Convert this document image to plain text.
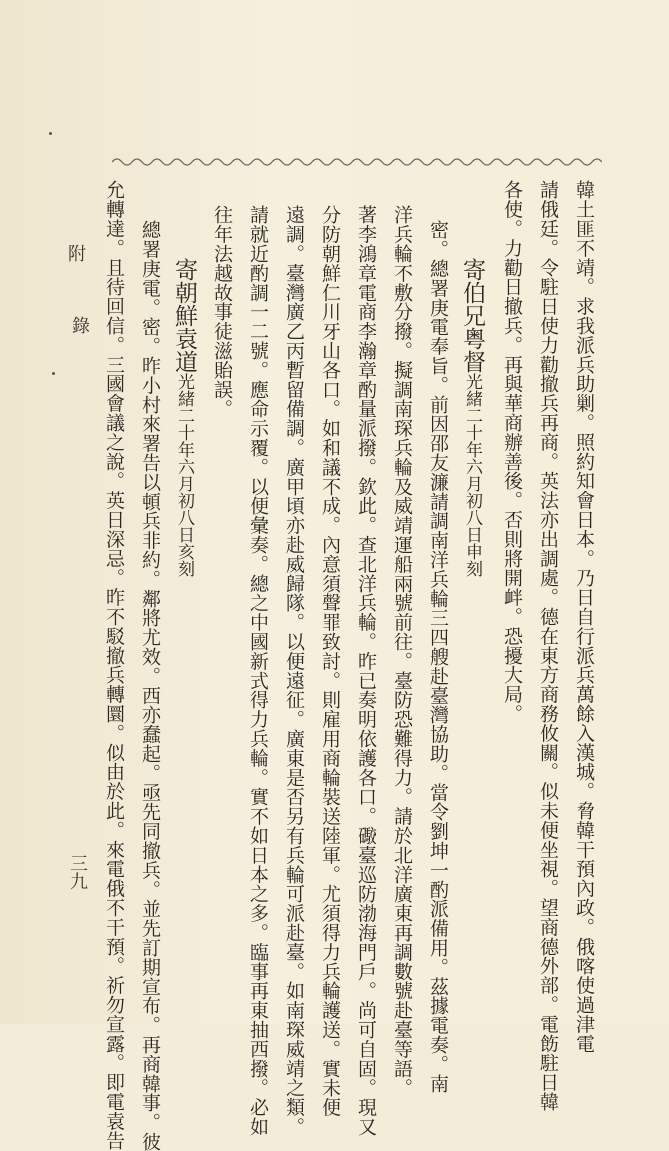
韓土匪不靖。求我派兵助剿。照約知會日本。乃日自行派兵萬餘入漢城。脅韓干預內政。俄喀使過津電
請俄廷。令駐日使力勸撤兵再商。英法亦出調處。德在東方商務攸關。似未便坐視。望商德外部。電飭駐日韓
各使。力勸日撤兵。再與華商辦善後。否則將開衅。恐擾大局。
寄伯兄粤督光緒二十年六月初八日申刻
密。總署庚電奉旨。前因邵友濂請調南洋兵輪三四艘赴臺灣協助。當令劉坤一酌派備用。茲據電奏。南
洋兵輪不敷分撥。擬調南琛兵輪及威靖運船兩號前往。臺防恐難得力。請於北洋廣東再調數號赴臺等語。
著李鴻章電商李瀚章酌量派撥。欽此。查北洋兵輪。昨已奏明依護各口。礮臺巡防渤海門戶。尚可自固。現又
分防朝鮮仁川牙山各口。如和議不成。內意須聲罪致討。則雇用商輪裝送陸軍。尤須得力兵輪護送。實未便
遠調。臺灣廣乙丙暫留備調。廣甲頃亦赴威歸隊。以便遠征。廣東是否另有兵輪可派赴臺。如南琛威靖之類。
請就近酌調一二號。應命示覆。以便彙奏。總之中國新式得力兵輪。實不如日本之多。臨事再東抽西撥。必如
往年法越故事徒滋貽誤。
寄朝鮮袁道光緒二十年六月初八日亥刻
總署庚電。密。昨小村來署告以頓兵非約。鄰將尤效。西亦蠢起。亟先同撤兵。並先訂期宣布。再商韓事。彼
允轉達。且待回信。三國會議之說。英日深忌。昨不駁撤兵轉圜。似由於此。來電俄不干預。祈勿宣露。即電袁告
附
錄
三九
